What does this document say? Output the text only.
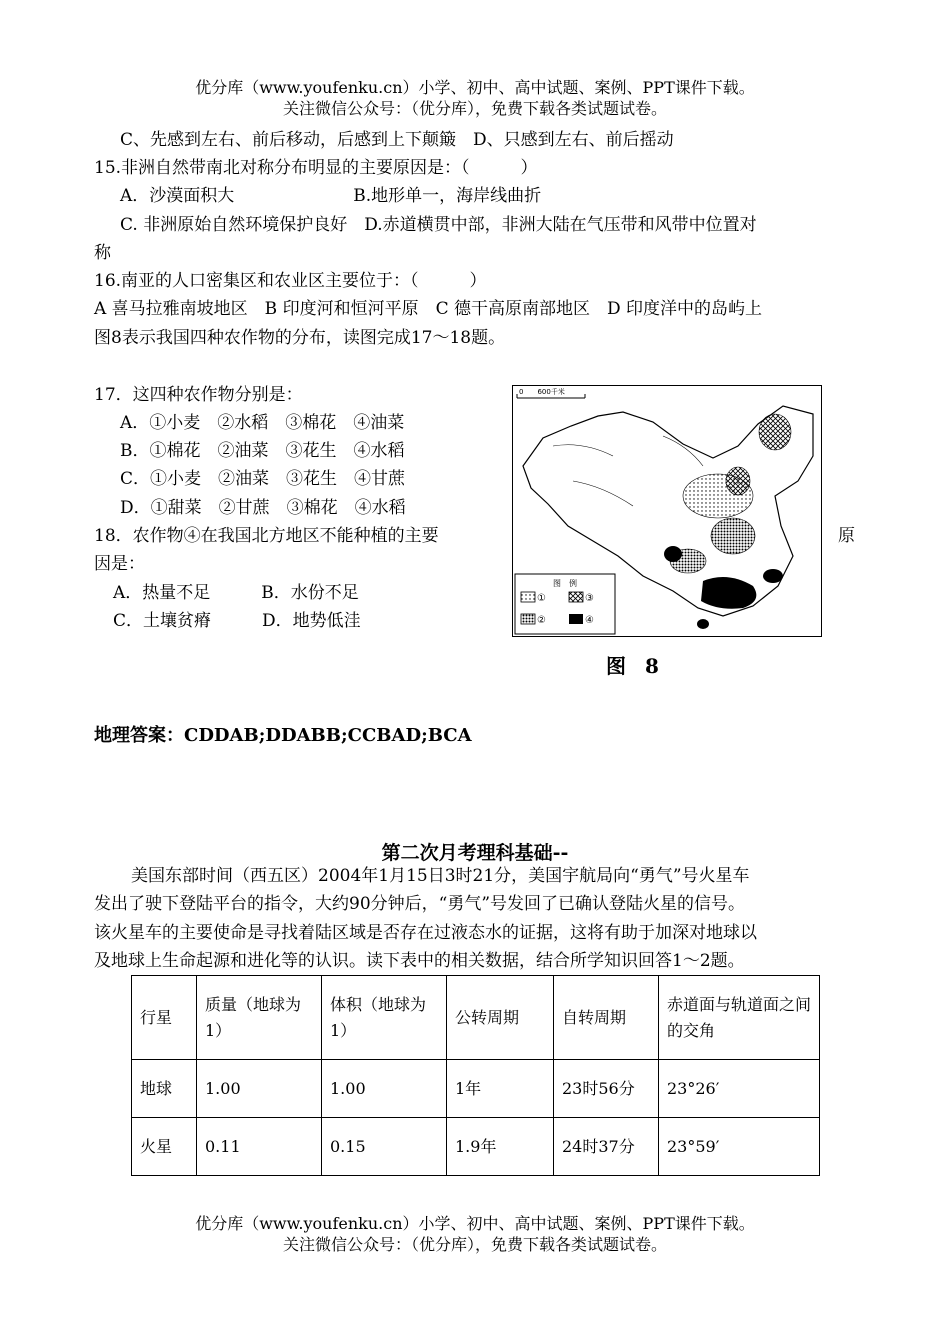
优分库（www.youfenku.cn）小学、初中、高中试题、案例、PPT课件下载。
关注微信公众号：（优分库），免费下载各类试题试卷。
C、先感到左右、前后移动，后感到上下颠簸　D、只感到左右、前后摇动
15.非洲自然带南北对称分布明显的主要原因是：（　　　）
A．沙漠面积大　　　　　　　B.地形单一，海岸线曲折
C. 非洲原始自然环境保护良好　D.赤道横贯中部，非洲大陆在气压带和风带中位置对
称
16.南亚的人口密集区和农业区主要位于：（　　　）
A 喜马拉雅南坡地区　B 印度河和恒河平原　C 德干高原南部地区　D 印度洋中的岛屿上
图8表示我国四种农作物的分布，读图完成17～18题。
17．这四种农作物分别是：
A．①小麦　②水稻　③棉花　④油菜
B．①棉花　②油菜　③花生　④水稻
C．①小麦　②油菜　③花生　④甘蔗
D．①甜菜　②甘蔗　③棉花　④水稻
18．农作物④在我国北方地区不能种植的主要	原
因是：
A．热量不足　　　B．水份不足
C．土壤贫瘠　　　D．地势低洼
0　　600千米
图　例
①	③
②	④
图 8
地理答案：CDDAB;DDABB;CCBAD;BCA
第二次月考理科基础--
美国东部时间（西五区）2004年1月15日3时21分，美国宇航局向“勇气”号火星车
发出了驶下登陆平台的指令，大约90分钟后，“勇气”号发回了已确认登陆火星的信号。
该火星车的主要使命是寻找着陆区域是否存在过液态水的证据，这将有助于加深对地球以
及地球上生命起源和进化等的认识。读下表中的相关数据，结合所学知识回答1～2题。
行星	质量（地球为1）	体积（地球为1）	公转周期	自转周期	赤道面与轨道面之间的交角
地球	1.00	1.00	1年	23时56分	23°26′
火星	0.11	0.15	1.9年	24时37分	23°59′
优分库（www.youfenku.cn）小学、初中、高中试题、案例、PPT课件下载。
关注微信公众号：（优分库），免费下载各类试题试卷。
